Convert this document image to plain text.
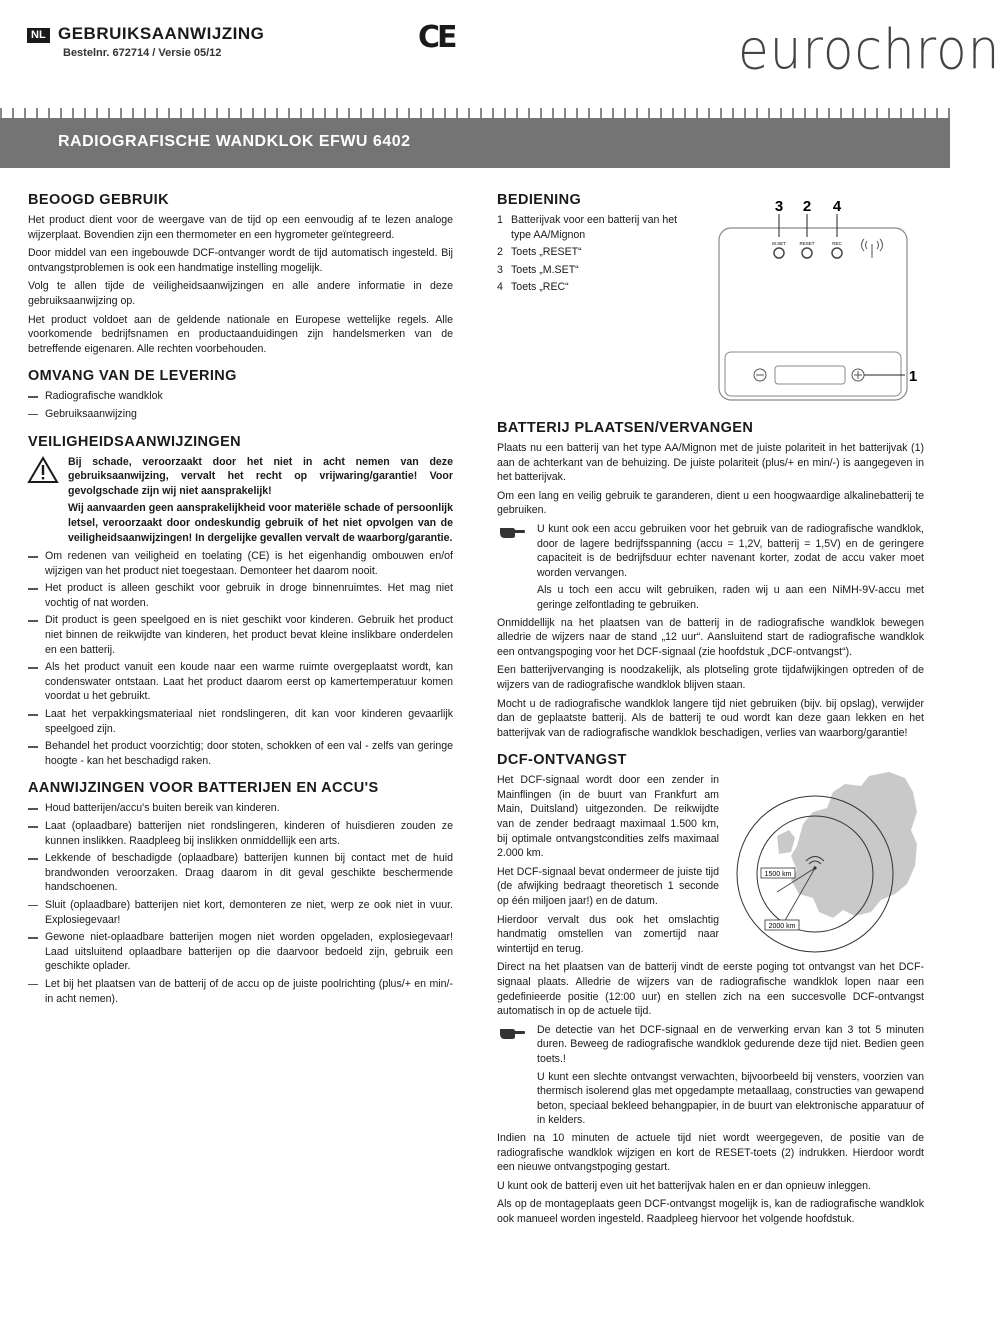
NL GEBRUIKSAANWIJZING
Bestelnr. 672714 / Versie 05/12	CE	eurochron
RADIOGRAFISCHE WANDKLOK EFWU 6402
BEOOGD GEBRUIK

Het product dient voor de weergave van de tijd op een eenvoudig af te lezen analoge wijzerplaat. Bovendien zijn een thermometer en een hygrometer geïntegreerd.

Door middel van een ingebouwde DCF-ontvanger wordt de tijd automatisch ingesteld. Bij ontvangstproblemen is ook een handmatige instelling mogelijk.

Volg te allen tijde de veiligheidsaanwijzingen en alle andere informatie in deze gebruiksaanwijzing op.

Het product voldoet aan de geldende nationale en Europese wettelijke regels. Alle voorkomende bedrijfsnamen en productaanduidingen zijn handelsmerken van de betreffende eigenaren. Alle rechten voorbehouden.

OMVANG VAN DE LEVERING
Radiografische wandklok
Gebruiksaanwijzing
VEILIGHEIDSAANWIJZINGEN

Bij schade, veroorzaakt door het niet in acht nemen van deze gebruiksaanwijzing, vervalt het recht op vrijwaring/garantie! Voor gevolgschade zijn wij niet aansprakelijk!

Wij aanvaarden geen aansprakelijkheid voor materiële schade of persoonlijk letsel, veroorzaakt door ondeskundig gebruik of het niet opvolgen van de veiligheidsaanwijzingen! In dergelijke gevallen vervalt de waarborg/garantie.

Om redenen van veiligheid en toelating (CE) is het eigenhandig ombouwen en/of wijzigen van het product niet toegestaan. Demonteer het daarom nooit.
Het product is alleen geschikt voor gebruik in droge binnenruimtes. Het mag niet vochtig of nat worden.
Dit product is geen speelgoed en is niet geschikt voor kinderen. Gebruik het product niet binnen de reikwijdte van kinderen, het product bevat kleine inslikbare onderdelen en een batterij.
Als het product vanuit een koude naar een warme ruimte overgeplaatst wordt, kan condenswater ontstaan. Laat het product daarom eerst op kamertemperatuur komen voordat u het gebruikt.
Laat het verpakkingsmateriaal niet rondslingeren, dit kan voor kinderen gevaarlijk speelgoed zijn.
Behandel het product voorzichtig; door stoten, schokken of een val - zelfs van geringe hoogte - kan het beschadigd raken.
AANWIJZINGEN VOOR BATTERIJEN EN ACCU'S
Houd batterijen/accu's buiten bereik van kinderen.
Laat (oplaadbare) batterijen niet rondslingeren, kinderen of huisdieren zouden ze kunnen inslikken. Raadpleeg bij inslikken onmiddellijk een arts.
Lekkende of beschadigde (oplaadbare) batterijen kunnen bij contact met de huid brandwonden veroorzaken. Draag daarom in dit geval geschikte beschermende handschoenen.
Sluit (oplaadbare) batterijen niet kort, demonteren ze niet, werp ze ook niet in vuur. Explosiegevaar!
Gewone niet-oplaadbare batterijen mogen niet worden opgeladen, explosiegevaar! Laad uitsluitend oplaadbare batterijen op die daarvoor bedoeld zijn, gebruik een geschikte oplader.
Let bij het plaatsen van de batterij of de accu op de juiste poolrichting (plus/+ en min/- in acht nemen).
BEDIENING
1 Batterijvak voor een batterij van het type AA/Mignon
2 Toets „RESET“
3 Toets „M.SET“
4 Toets „REC“
3 2 4
1
M.SET	RESET	REC
BATTERIJ PLAATSEN/VERVANGEN

Plaats nu een batterij van het type AA/Mignon met de juiste polariteit in het batterijvak (1) aan de achterkant van de behuizing. De juiste polariteit (plus/+ en min/-) is aangegeven in het batterijvak.

Om een lang en veilig gebruik te garanderen, dient u een hoogwaardige alkalinebatterij te gebruiken.

U kunt ook een accu gebruiken voor het gebruik van de radiografische wandklok, door de lagere bedrijfsspanning (accu = 1,2V, batterij = 1,5V) en de geringere capaciteit is de bedrijfsduur echter navenant korter, zodat de accu vaker moet worden vervangen.

Als u toch een accu wilt gebruiken, raden wij u aan een NiMH-9V-accu met geringe zelfontlading te gebruiken.

Onmiddellijk na het plaatsen van de batterij in de radiografische wandklok bewegen alledrie de wijzers naar de stand „12 uur“. Aansluitend start de radiografische wandklok een ontvangspoging voor het DCF-signaal (zie hoofdstuk „DCF-ontvangst“).

Een batterijvervanging is noodzakelijk, als plotseling grote tijdafwijkingen optreden of de wijzers van de radiografische wandklok blijven staan.

Mocht u de radiografische wandklok langere tijd niet gebruiken (bijv. bij opslag), verwijder dan de geplaatste batterij. Als de batterij te oud wordt kan deze gaan lekken en het batterijvak van de radiografische wandklok beschadigen, verlies van waarborg/garantie!

DCF-ONTVANGST
1500 km
2000 km

Het DCF-signaal wordt door een zender in Mainflingen (in de buurt van Frankfurt am Main, Duitsland) uitgezonden. De reikwijdte van de zender bedraagt maximaal 1.500 km, bij optimale ontvangstcondities zelfs maximaal 2.000 km.

Het DCF-signaal bevat ondermeer de juiste tijd (de afwijking bedraagt theoretisch 1 seconde op één miljoen jaar!) en de datum.

Hierdoor vervalt dus ook het omslachtig handmatig omstellen van zomertijd naar wintertijd en terug.

Direct na het plaatsen van de batterij vindt de eerste poging tot ontvangst van het DCF-signaal plaats. Alledrie de wijzers van de radiografische wandklok lopen naar een gedefinieerde positie (12:00 uur) en stellen zich na een succesvolle DCF-ontvangst automatisch in op de actuele tijd.

De detectie van het DCF-signaal en de verwerking ervan kan 3 tot 5 minuten duren. Beweeg de radiografische wandklok gedurende deze tijd niet. Bedien geen toets.!

U kunt een slechte ontvangst verwachten, bijvoorbeeld bij vensters, voorzien van thermisch isolerend glas met opgedampte metaallaag, constructies van gewapend beton, speciaal bekleed behangpapier, in de buurt van elektronische apparatuur of in kelders.

Indien na 10 minuten de actuele tijd niet wordt weergegeven, de positie van de radiografische wandklok wijzigen en kort de RESET-toets (2) indrukken. Hierdoor wordt een nieuwe ontvangstpoging gestart.

U kunt ook de batterij even uit het batterijvak halen en er dan opnieuw inleggen.

Als op de montageplaats geen DCF-ontvangst mogelijk is, kan de radiografische wandklok ook manueel worden ingesteld. Raadpleeg hiervoor het volgende hoofdstuk.
